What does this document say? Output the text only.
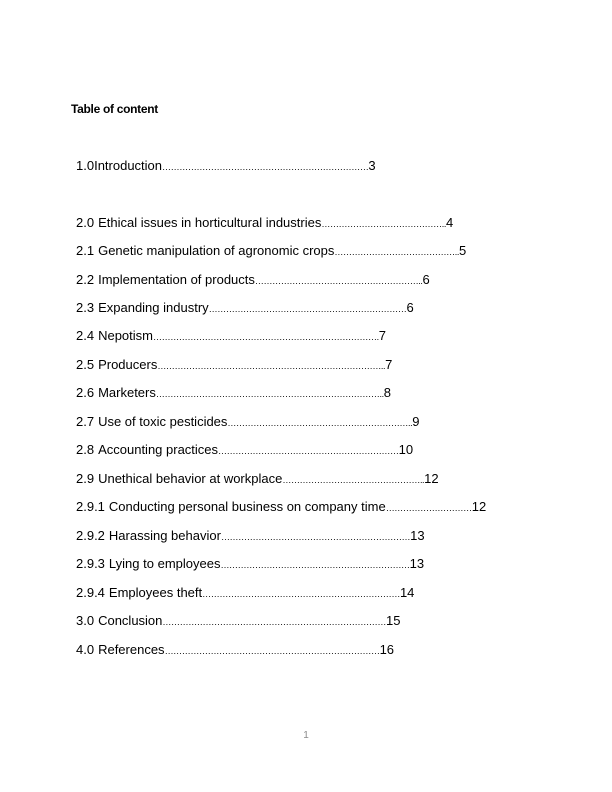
Table of content
1.0Introduction………………………………………………………………3
2.0 Ethical issues in horticultural industries……………………………………..4
2.1 Genetic manipulation of agronomic crops……………………………………..5
2.2 Implementation of products…………………………………………………..6
2.3 Expanding industry……………………………………………………………6
2.4 Nepotism…………………………………………………………………….7
2.5 Producers……………………………………………………………………..7
2.6 Marketers……………………………………………………………………..8
2.7 Use of toxic pesticides………………………………………………………..9
2.8 Accounting practices………………………………………………………10
2.9 Unethical behavior at workplace…………………………………………..12
2.9.1 Conducting personal business on company time…………………………12
2.9.2 Harassing behavior…………………………………………………………13
2.9.3 Lying to employees…………………………………………………………13
2.9.4 Employees theft……………………………………………………………14
3.0 Conclusion……………………………………………………………………15
4.0 References…………………………………………………………………16
1
